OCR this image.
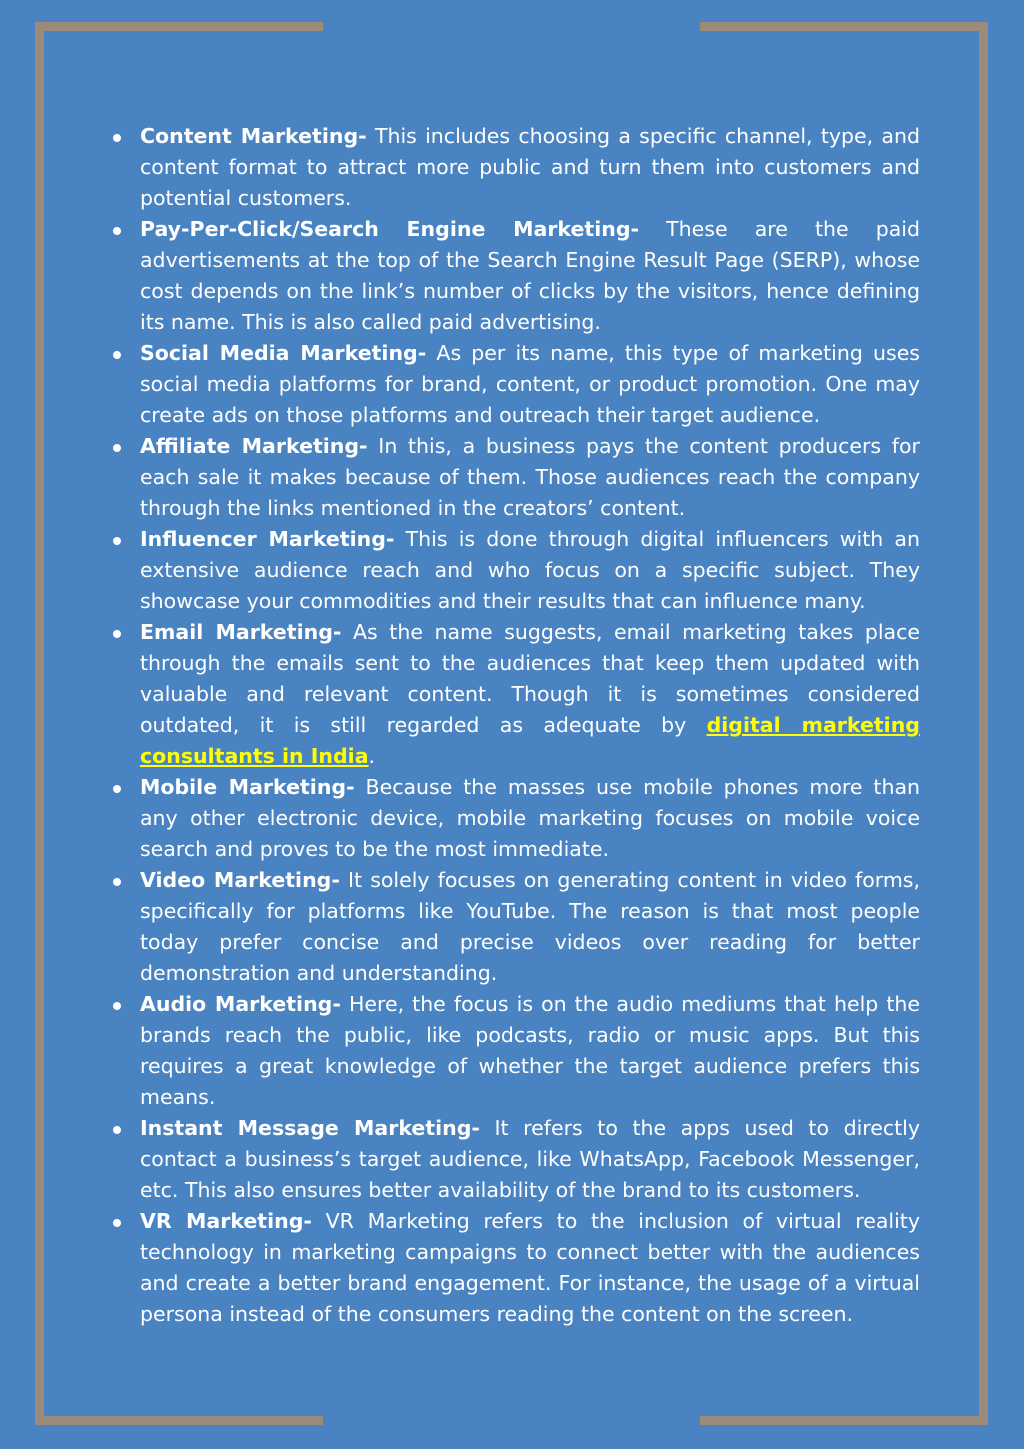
Content Marketing- This includes choosing a specific channel, type, and content format to attract more public and turn them into customers and potential customers.
Pay-Per-Click/Search Engine Marketing- These are the paid advertisements at the top of the Search Engine Result Page (SERP), whose cost depends on the link’s number of clicks by the visitors, hence defining its name. This is also called paid advertising.
Social Media Marketing- As per its name, this type of marketing uses social media platforms for brand, content, or product promotion. One may create ads on those platforms and outreach their target audience.
Affiliate Marketing- In this, a business pays the content producers for each sale it makes because of them. Those audiences reach the company through the links mentioned in the creators’ content.
Influencer Marketing- This is done through digital influencers with an extensive audience reach and who focus on a specific subject. They showcase your commodities and their results that can influence many.
Email Marketing- As the name suggests, email marketing takes place through the emails sent to the audiences that keep them updated with valuable and relevant content. Though it is sometimes considered outdated, it is still regarded as adequate by digital marketing consultants in India.
Mobile Marketing- Because the masses use mobile phones more than any other electronic device, mobile marketing focuses on mobile voice search and proves to be the most immediate.
Video Marketing- It solely focuses on generating content in video forms, specifically for platforms like YouTube. The reason is that most people today prefer concise and precise videos over reading for better demonstration and understanding.
Audio Marketing- Here, the focus is on the audio mediums that help the brands reach the public, like podcasts, radio or music apps. But this requires a great knowledge of whether the target audience prefers this means.
Instant Message Marketing- It refers to the apps used to directly contact a business’s target audience, like WhatsApp, Facebook Messenger, etc. This also ensures better availability of the brand to its customers.
VR Marketing- VR Marketing refers to the inclusion of virtual reality technology in marketing campaigns to connect better with the audiences and create a better brand engagement. For instance, the usage of a virtual persona instead of the consumers reading the content on the screen.
